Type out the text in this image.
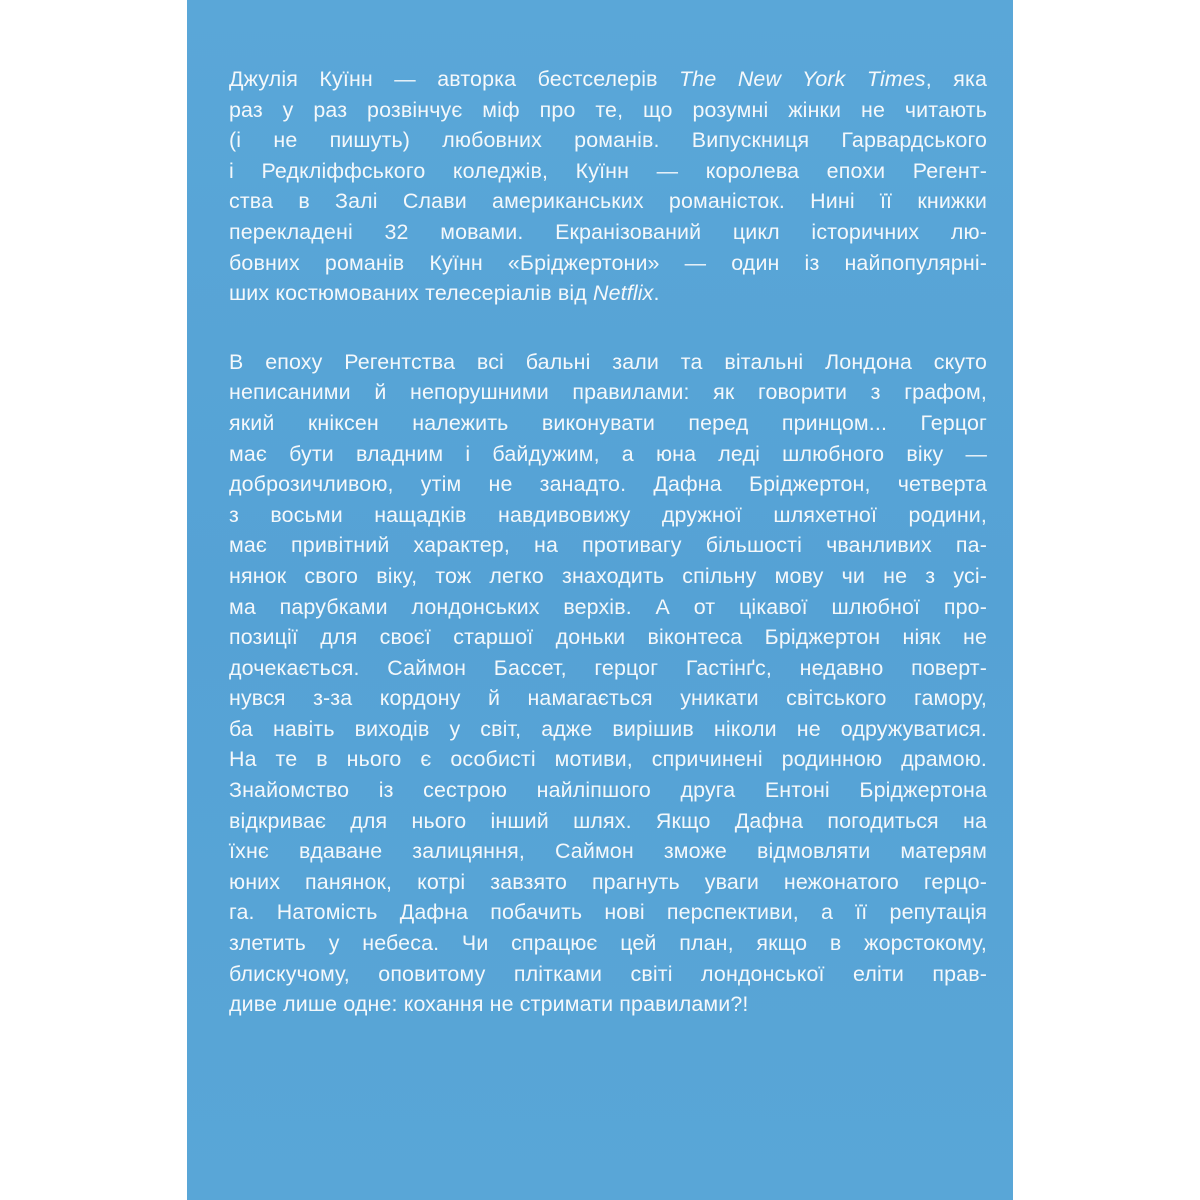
Джулія Куїнн — авторка бестселерів The New York Times, яка
раз у раз розвінчує міф про те, що розумні жінки не читають
(і не пишуть) любовних романів. Випускниця Гарвардського
і Редкліффського коледжів, Куїнн — королева епохи Регент-
ства в Залі Слави американських романісток. Нині її книжки
перекладені 32 мовами. Екранізований цикл історичних лю-
бовних романів Куїнн «Бріджертони» — один із найпопулярні-
ших костюмованих телесеріалів від Netflix.

В епоху Регентства всі бальні зали та вітальні Лондона скуто
неписаними й непорушними правилами: як говорити з графом,
який кніксен належить виконувати перед принцом... Герцог
має бути владним і байдужим, а юна леді шлюбного віку —
доброзичливою, утім не занадто. Дафна Бріджертон, четверта
з восьми нащадків навдивовижу дружної шляхетної родини,
має привітний характер, на противагу більшості чванливих па-
нянок свого віку, тож легко знаходить спільну мову чи не з усі-
ма парубками лондонських верхів. А от цікавої шлюбної про-
позиції для своєї старшої доньки віконтеса Бріджертон ніяк не
дочекається. Саймон Бассет, герцог Гастінґс, недавно поверт-
нувся з-за кордону й намагається уникати світського гамору,
ба навіть виходів у світ, адже вирішив ніколи не одружуватися.
На те в нього є особисті мотиви, спричинені родинною драмою.
Знайомство із сестрою найліпшого друга Ентоні Бріджертона
відкриває для нього інший шлях. Якщо Дафна погодиться на
їхнє вдаване залицяння, Саймон зможе відмовляти матерям
юних панянок, котрі завзято прагнуть уваги нежонатого герцо-
га. Натомість Дафна побачить нові перспективи, а її репутація
злетить у небеса. Чи спрацює цей план, якщо в жорстокому,
блискучому, оповитому плітками світі лондонської еліти прав-
диве лише одне: кохання не стримати правилами?!
